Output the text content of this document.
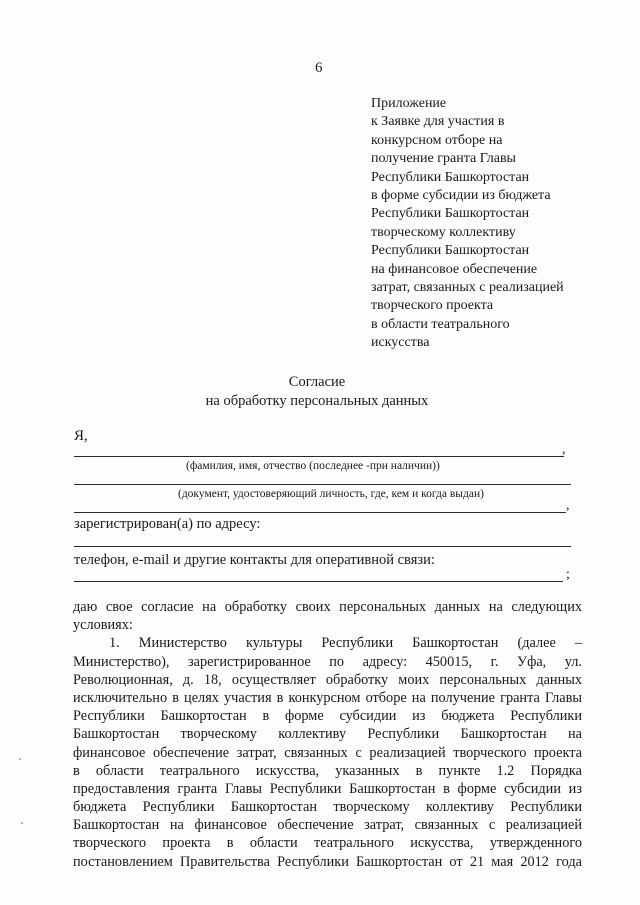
6
Приложение
к Заявке для участия в
конкурсном отборе на
получение гранта Главы
Республики Башкортостан
в форме субсидии из бюджета
Республики Башкортостан
творческому коллективу
Республики Башкортостан
на финансовое обеспечение
затрат, связанных с реализацией
творческого проекта
в области театрального
искусства
Согласие
на обработку персональных данных
Я,
,
(фамилия, имя, отчество (последнее -при наличии))
(документ, удостоверяющий личность, где, кем и когда выдан)
,
зарегистрирован(а) по адресу:
телефон, e-mail и другие контакты для оперативной связи:
;
даю свое согласие на обработку своих персональных данных на следующих
условиях:
1. Министерство культуры Республики Башкортостан (далее –
Министерство), зарегистрированное по адресу: 450015, г. Уфа, ул.
Революционная, д. 18, осуществляет обработку моих персональных данных
исключительно в целях участия в конкурсном отборе на получение гранта Главы
Республики Башкортостан в форме субсидии из бюджета Республики
Башкортостан творческому коллективу Республики Башкортостан на
финансовое обеспечение затрат, связанных с реализацией творческого проекта
в области театрального искусства, указанных в пункте 1.2 Порядка
предоставления гранта Главы Республики Башкортостан в форме субсидии из
бюджета Республики Башкортостан творческому коллективу Республики
Башкортостан на финансовое обеспечение затрат, связанных с реализацией
творческого проекта в области театрального искусства, утвержденного
постановлением Правительства Республики Башкортостан от 21 мая 2012 года
